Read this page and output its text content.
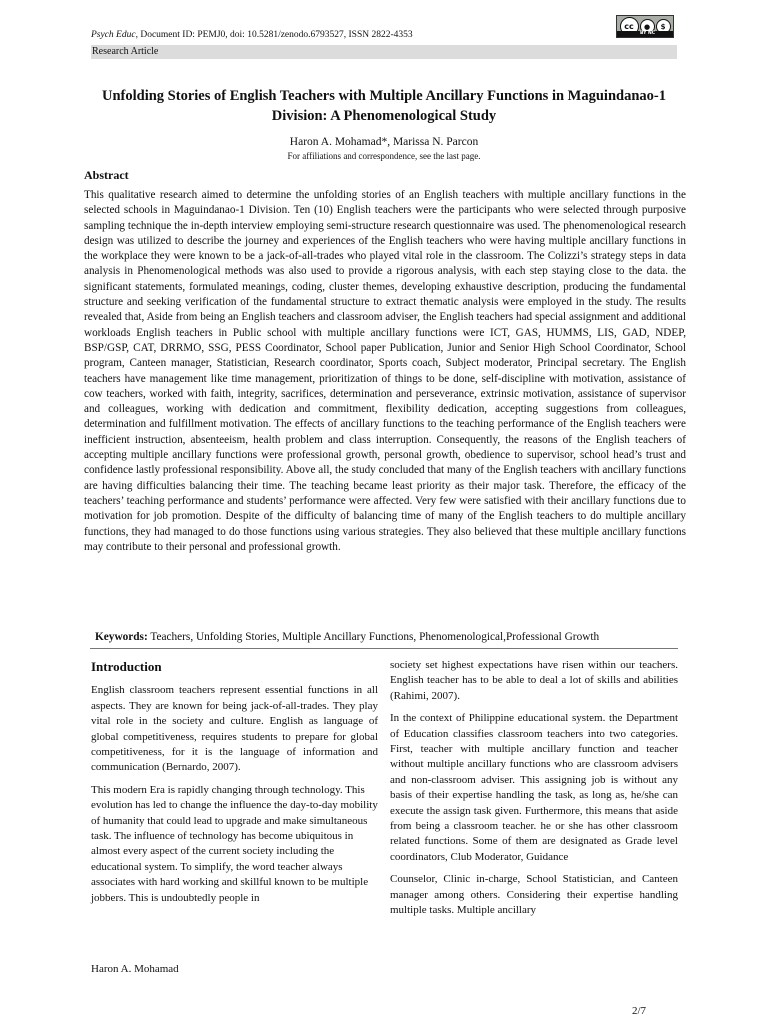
Psych Educ, Document ID: PEMJ0, doi: 10.5281/zenodo.6793527, ISSN 2822-4353
cc	●	$
BY NC
Research Article
Unfolding Stories of English Teachers with Multiple Ancillary Functions in Maguindanao-1 Division: A Phenomenological Study
Haron A. Mohamad*, Marissa N. Parcon
For affiliations and correspondence, see the last page.
Abstract

This qualitative research aimed to determine the unfolding stories of an English teachers with multiple ancillary functions in the selected schools in Maguindanao-1 Division. Ten (10) English teachers were the participants who were selected through purposive sampling technique the in-depth interview employing semi-structure research questionnaire was used. The phenomenological research design was utilized to describe the journey and experiences of the English teachers who were having multiple ancillary functions in the workplace they were known to be a jack-of-all-trades who played vital role in the classroom. The Colizzi’s strategy steps in data analysis in Phenomenological methods was also used to provide a rigorous analysis, with each step staying close to the data. the significant statements, formulated meanings, coding, cluster themes, developing exhaustive description, producing the fundamental structure and seeking verification of the fundamental structure to extract thematic analysis were employed in the study. The results revealed that, Aside from being an English teachers and classroom adviser, the English teachers had special assignment and additional workloads English teachers in Public school with multiple ancillary functions were ICT, GAS, HUMMS, LIS, GAD, NDEP, BSP/GSP, CAT, DRRMO, SSG, PESS Coordinator, School paper Publication, Junior and Senior High School Coordinator, School program, Canteen manager, Statistician, Research coordinator, Sports coach, Subject moderator, Principal secretary. The English teachers have management like time management, prioritization of things to be done, self-discipline with motivation, assistance of cow teachers, worked with faith, integrity, sacrifices, determination and perseverance, extrinsic motivation, assistance of supervisor and colleagues, working with dedication and commitment, flexibility dedication, accepting suggestions from colleagues, determination and fulfillment motivation. The effects of ancillary functions to the teaching performance of the English teachers were inefficient instruction, absenteeism, health problem and class interruption. Consequently, the reasons of the English teachers of accepting multiple ancillary functions were professional growth, personal growth, obedience to supervisor, school head’s trust and confidence lastly professional responsibility. Above all, the study concluded that many of the English teachers with ancillary functions are having difficulties balancing their time. The teaching became least priority as their major task. Therefore, the efficacy of the teachers’ teaching performance and students’ performance were affected. Very few were satisfied with their ancillary functions due to motivation for job promotion. Despite of the difficulty of balancing time of many of the English teachers to do multiple ancillary functions, they had managed to do those functions using various strategies. They also believed that these multiple ancillary functions may contribute to their personal and professional growth.

Keywords: Teachers, Unfolding Stories, Multiple Ancillary Functions, Phenomenological,Professional Growth
Introduction

English classroom teachers represent essential functions in all aspects. They are known for being jack-of-all-trades. They play vital role in the society and culture. English as language of global competitiveness, requires students to prepare for global competitiveness, for it is the language of information and communication (Bernardo, 2007).

This modern Era is rapidly changing through technology. This evolution has led to change the influence the day-to-day mobility of humanity that could lead to upgrade and make simultaneous task. The influence of technology has become ubiquitous in almost every aspect of the current society including the educational system. To simplify, the word teacher always associates with hard working and skillful known to be multiple jobbers. This is undoubtedly people in

society set highest expectations have risen within our teachers. English teacher has to be able to deal a lot of skills and abilities (Rahimi, 2007).

In the context of Philippine educational system. the Department of Education classifies classroom teachers into two categories. First, teacher with multiple ancillary function and teacher without multiple ancillary functions who are classroom advisers and non-classroom adviser. This assigning job is without any basis of their expertise handling the task, as long as, he/she can execute the assign task given. Furthermore, this means that aside from being a classroom teacher. he or she has other classroom related functions. Some of them are designated as Grade level coordinators, Club Moderator, Guidance

Counselor, Clinic in-charge, School Statistician, and Canteen manager among others. Considering their expertise handling multiple tasks. Multiple ancillary

Haron A. Mohamad
2/7
